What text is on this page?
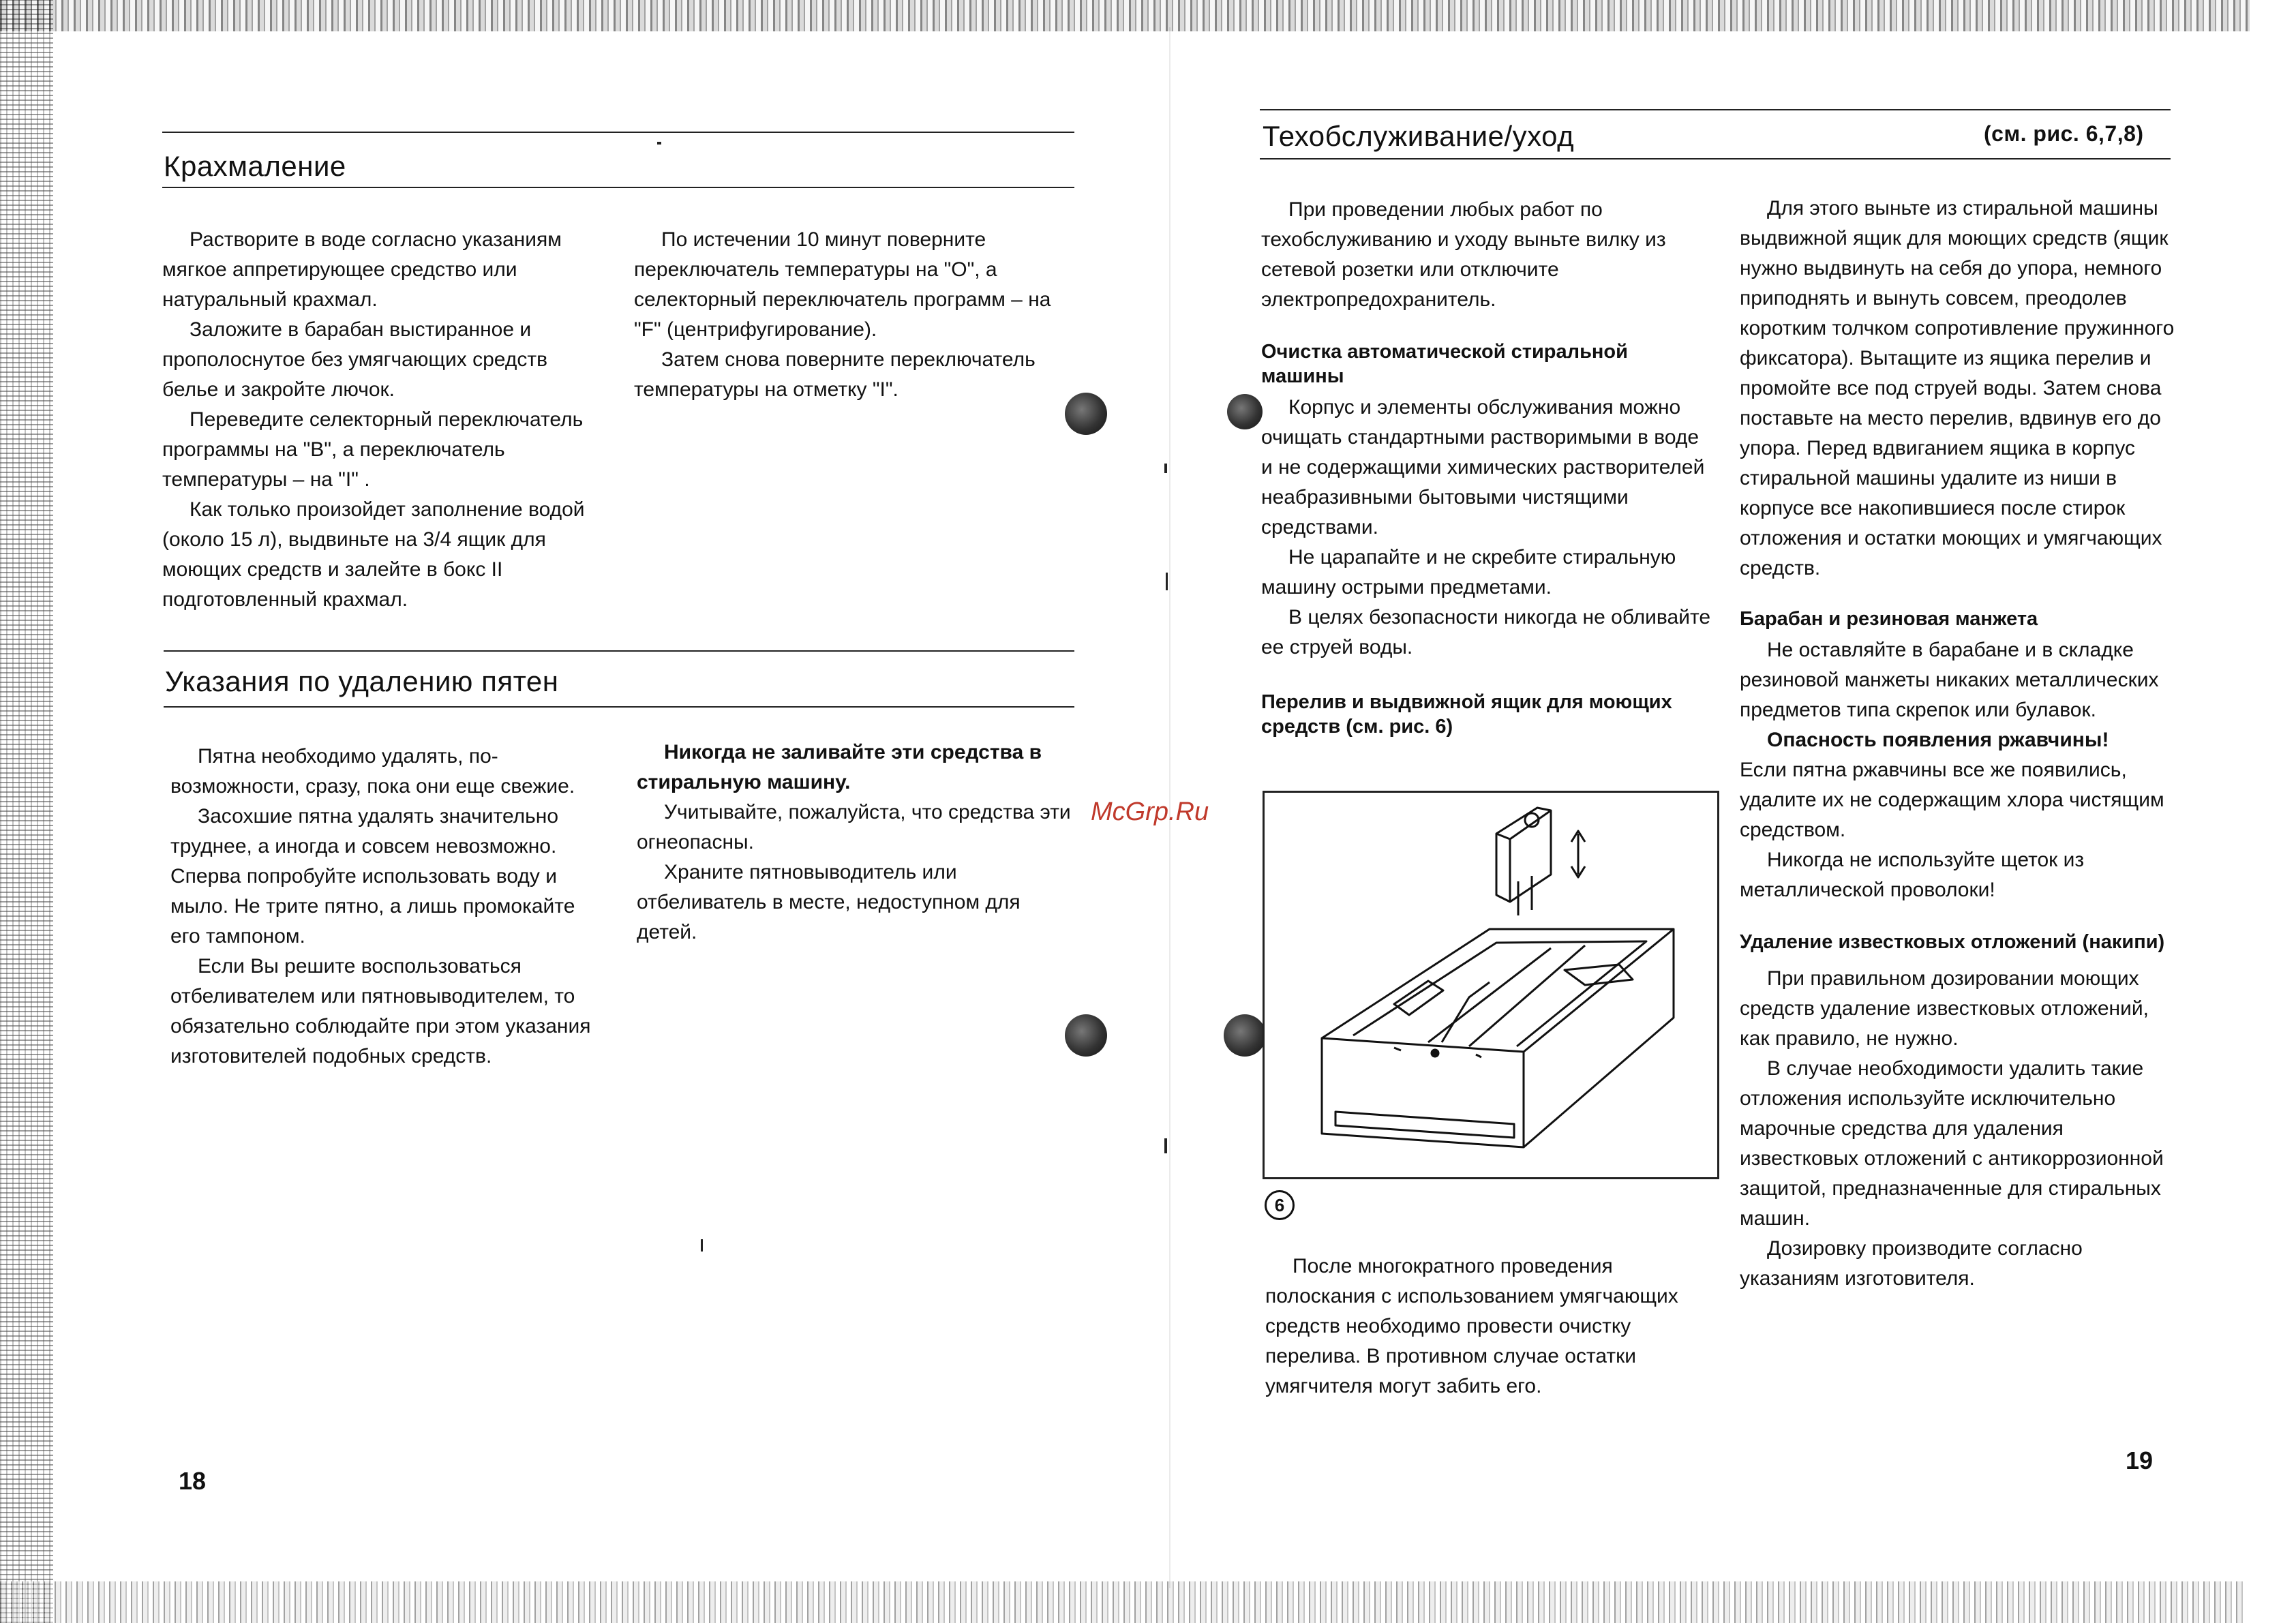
Крахмаление

Растворите в воде согласно указаниям мягкое аппретирующее средство или натуральный крахмал.

Заложите в барабан выстиранное и прополоснутое без умягчающих средств белье и закройте лючок.

Переведите селекторный переключатель программы на "B", а переключатель температуры – на "I" .

Как только произойдет заполнение водой (около 15 л), выдвиньте на 3/4 ящик для моющих средств и залейте в бокс II подготовленный крахмал.

По истечении 10 минут поверните переключатель температуры на "O", а селекторный переключатель программ – на "F" (центрифугирование).

Затем снова поверните переключатель температуры на отметку "I".

Указания по удалению пятен

Пятна необходимо удалять, по-возможности, сразу, пока они еще свежие.

Засохшие пятна удалять значительно труднее, а иногда и совсем невозможно. Сперва попробуйте использовать воду и мыло. Не трите пятно, а лишь промокайте его тампоном.

Если Вы решите воспользоваться отбеливателем или пятновыводителем, то обязательно соблюдайте при этом указания изготовителей подобных средств.

Никогда не заливайте эти средства в стиральную машину.

Учитывайте, пожалуйста, что средства эти огнеопасны.

Храните пятновыводитель или отбеливатель в месте, недоступном для детей.

18
McGrp.Ru
Техобслуживание/уход	(см. рис. 6,7,8)

При проведении любых работ по техобслуживанию и уходу выньте вилку из сетевой розетки или отключите электропредохранитель.

Очистка автоматической стиральной машины

Корпус и элементы обслуживания можно очищать стандартными растворимыми в воде и не содержащими химических растворителей неабразивными бытовыми чистящими средствами.

Не царапайте и не скребите стиральную машину острыми предметами.

В целях безопасности никогда не обливайте ее струей воды.

Перелив и выдвижной ящик для моющих средств (см. рис. 6)
6

После многократного проведения полоскания с использованием умягчающих средств необходимо провести очистку перелива. В противном случае остатки умягчителя могут забить его.

Для этого выньте из стиральной машины выдвижной ящик для моющих средств (ящик нужно выдвинуть на себя до упора, немного приподнять и вынуть совсем, преодолев коротким толчком сопротивление пружинного фиксатора). Вытащите из ящика перелив и промойте все под струей воды. Затем снова поставьте на место перелив, вдвинув его до упора. Перед вдвиганием ящика в корпус стиральной машины удалите из ниши в корпусе все накопившиеся после стирок отложения и остатки моющих и умягчающих средств.

Барабан и резиновая манжета

Не оставляйте в барабане и в складке резиновой манжеты никаких металлических предметов типа скрепок или булавок.

Опасность появления ржавчины!

Если пятна ржавчины все же появились, удалите их не содержащим хлора чистящим средством.

Никогда не используйте щеток из металлической проволоки!

Удаление известковых отложений (накипи)

При правильном дозировании моющих средств удаление известковых отложений, как правило, не нужно.

В случае необходимости удалить такие отложения используйте исключительно марочные средства для удаления известковых отложений с антикоррозионной защитой, предназначенные для стиральных машин.

Дозировку производите согласно указаниям изготовителя.

19
